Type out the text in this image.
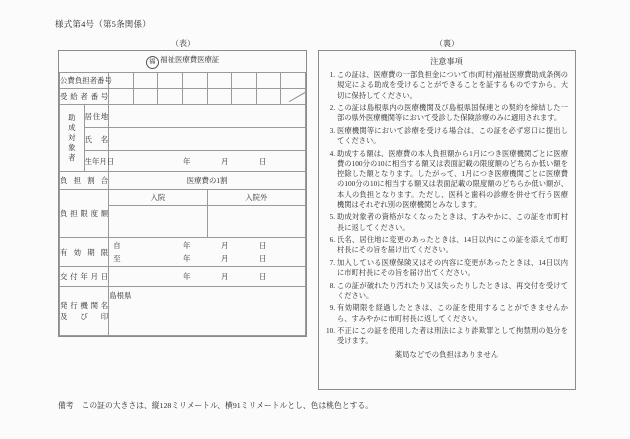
様式第4号（第5条関係）
（表）	（裏）
福 福祉医療費医療証									

公 費 負 担 者 番 号

受 給 者 番 号									

助
成
対
象
者	居 住 地								

	氏 名								

	生 年 月 日	年 月 日							

負 担 割 合		医療費の1割							

負 担 限 度 額		入院				入院外			

有 効 期 限

自	年	月	日
至	年	月	日

交 付 年 月 日		年 月 日							

発 行 機 関 名
及 び 印
	島根県
注意事項
1. この証は、医療費の一部負担金について市(町村)福祉医療費助成条例の規定による助成を受けることができることを証するものですから、大切に保持してください。
2. この証は島根県内の医療機関及び島根県国保連との契約を締結した一部の県外医療機関等において受診した保険診療のみに適用されます。
3. 医療機関等において診療を受ける場合は、この証を必ず窓口に提出してください。
4. 助成する額は、医療費の本人負担額から1月につき医療機関ごとに医療費の100分の10に相当する額又は表面記載の限度額のどちらか低い額を控除した額となります。したがって、1月につき医療機関ごとに医療費の100分の10に相当する額又は表面記載の限度額のどちらか低い額が、本人の負担となります。ただし、医科と歯科の診療を併せて行う医療機関はそれぞれ別の医療機関とみなします。
5. 助成対象者の資格がなくなったときは、すみやかに、この証を市町村長に返してください。
6. 氏名、居住地に変更のあったときは、14日以内にこの証を添えて市町村長にその旨を届け出てください。
7. 加入している医療保険又はその内容に変更があったときは、14日以内に市町村長にその旨を届け出てください。
8. この証が破れたり汚れたり又は失ったりしたときは、再交付を受けてください。
9. 有効期限を経過したときは、この証を使用することができませんから、すみやかに市町村長に返してください。
10. 不正にこの証を使用した者は刑法により詐欺罪として拘禁刑の処分を受けます。
薬局などでの負担はありません
備考 この証の大きさは、縦128ミリメートル、横91ミリメートルとし、色は桃色とする。
